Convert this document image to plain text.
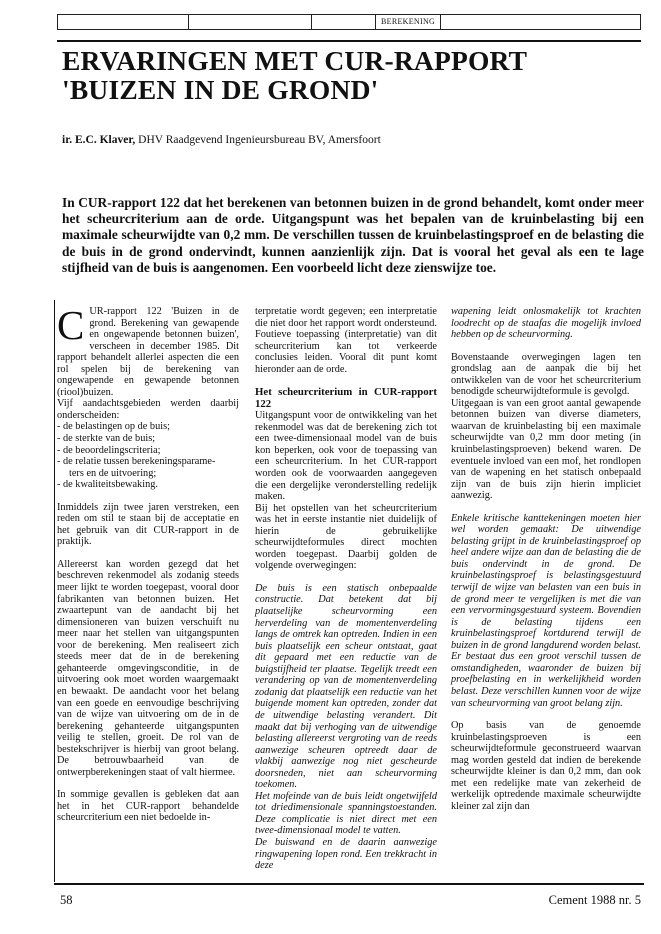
BEREKENING
ERVARINGEN MET CUR-RAPPORT
'BUIZEN IN DE GROND'
ir. E.C. Klaver, DHV Raadgevend Ingenieursbureau BV, Amersfoort

In CUR-rapport 122 dat het berekenen van betonnen buizen in de grond behandelt, komt onder meer het scheurcriterium aan de orde. Uitgangspunt was het bepalen van de kruinbelasting bij een maximale scheurwijdte van 0,2 mm. De verschillen tussen de kruinbelastingsproef en de belasting die de buis in de grond ondervindt, kunnen aanzienlijk zijn. Dat is vooral het geval als een te lage stijfheid van de buis is aangenomen. Een voorbeeld licht deze zienswijze toe.

CUR-rapport 122 'Buizen in de grond. Berekening van gewapende en ongewapende betonnen buizen', verscheen in december 1985. Dit rapport behandelt allerlei aspecten die een rol spelen bij de berekening van ongewapende en gewapende betonnen (riool)buizen.

Vijf aandachtsgebieden werden daarbij onderscheiden:

- de belastingen op de buis;
- de sterkte van de buis;
- de beoordelingscriteria;
- de relatie tussen berekeningsparame-
ters en de uitvoering;
- de kwaliteitsbewaking.

Inmiddels zijn twee jaren verstreken, een reden om stil te staan bij de acceptatie en het gebruik van dit CUR-rapport in de praktijk.

Allereerst kan worden gezegd dat het beschreven rekenmodel als zodanig steeds meer lijkt te worden toegepast, vooral door fabrikanten van betonnen buizen. Het zwaartepunt van de aandacht bij het dimensioneren van buizen verschuift nu meer naar het stellen van uitgangspunten voor de berekening. Men realiseert zich steeds meer dat de in de berekening gehanteerde omgevingsconditie, in de uitvoering ook moet worden waargemaakt en bewaakt. De aandacht voor het belang van een goede en eenvoudige beschrijving van de wijze van uitvoering om de in de berekening gehanteerde uitgangspunten veilig te stellen, groeit. De rol van de bestekschrijver is hierbij van groot belang. De betrouwbaarheid van de ontwerpberekeningen staat of valt hiermee.

In sommige gevallen is gebleken dat aan het in het CUR-rapport behandelde scheurcriterium een niet bedoelde in-

terpretatie wordt gegeven; een interpretatie die niet door het rapport wordt ondersteund. Foutieve toepassing (interpretatie) van dit scheurcriterium kan tot verkeerde conclusies leiden. Vooral dit punt komt hieronder aan de orde.

Het scheurcriterium in CUR-rapport 122

Uitgangspunt voor de ontwikkeling van het rekenmodel was dat de berekening zich tot een twee-dimensionaal model van de buis kon beperken, ook voor de toepassing van een scheurcriterium. In het CUR-rapport worden ook de voorwaarden aangegeven die een dergelijke veronderstelling redelijk maken.

Bij het opstellen van het scheurcriterium was het in eerste instantie niet duidelijk of hierin de gebruikelijke scheurwijdteformules direct mochten worden toegepast. Daarbij golden de volgende overwegingen:

De buis is een statisch onbepaalde constructie. Dat betekent dat bij plaatselijke scheurvorming een herverdeling van de momentenverdeling langs de omtrek kan optreden. Indien in een buis plaatselijk een scheur ontstaat, gaat dit gepaard met een reductie van de buigstijfheid ter plaatse. Tegelijk treedt een verandering op van de momentenverdeling zodanig dat plaatselijk een reductie van het buigende moment kan optreden, zonder dat de uitwendige belasting verandert. Dit maakt dat bij verhoging van de uitwendige belasting allereerst vergroting van de reeds aanwezige scheuren optreedt daar de vlakbij aanwezige nog niet gescheurde doorsneden, niet aan scheurvorming toekomen.

Het mofeinde van de buis leidt ongetwijfeld tot driedimensionale spanningstoestanden. Deze complicatie is niet direct met een twee-dimensionaal model te vatten.

De buiswand en de daarin aanwezige ringwapening lopen rond. Een trekkracht in deze

wapening leidt onlosmakelijk tot krachten loodrecht op de staafas die mogelijk invloed hebben op de scheurvorming.

Bovenstaande overwegingen lagen ten grondslag aan de aanpak die bij het ontwikkelen van de voor het scheurcriterium benodigde scheurwijdteformule is gevolgd.

Uitgegaan is van een groot aantal gewapende betonnen buizen van diverse diameters, waarvan de kruinbelasting bij een maximale scheurwijdte van 0,2 mm door meting (in kruinbelastingsproeven) bekend waren. De eventuele invloed van een mof, het rondlopen van de wapening en het statisch onbepaald zijn van de buis zijn hierin impliciet aanwezig.

Enkele kritische kanttekeningen moeten hier wel worden gemaakt: De uitwendige belasting grijpt in de kruinbelastingsproef op heel andere wijze aan dan de belasting die de buis ondervindt in de grond. De kruinbelastingsproef is belastingsgestuurd terwijl de wijze van belasten van een buis in de grond meer te vergelijken is met die van een vervormingsgestuurd systeem. Bovendien is de belasting tijdens een kruinbelastingsproef kortdurend terwijl de buizen in de grond langdurend worden belast. Er bestaat dus een groot verschil tussen de omstandigheden, waaronder de buizen bij proefbelasting en in werkelijkheid worden belast. Deze verschillen kunnen voor de wijze van scheurvorming van groot belang zijn.

Op basis van de genoemde kruinbelastingsproeven is een scheurwijdteformule geconstrueerd waarvan mag worden gesteld dat indien de berekende scheurwijdte kleiner is dan 0,2 mm, dan ook met een redelijke mate van zekerheid de werkelijk optredende maximale scheurwijdte kleiner zal zijn dan

58	Cement 1988 nr. 5
